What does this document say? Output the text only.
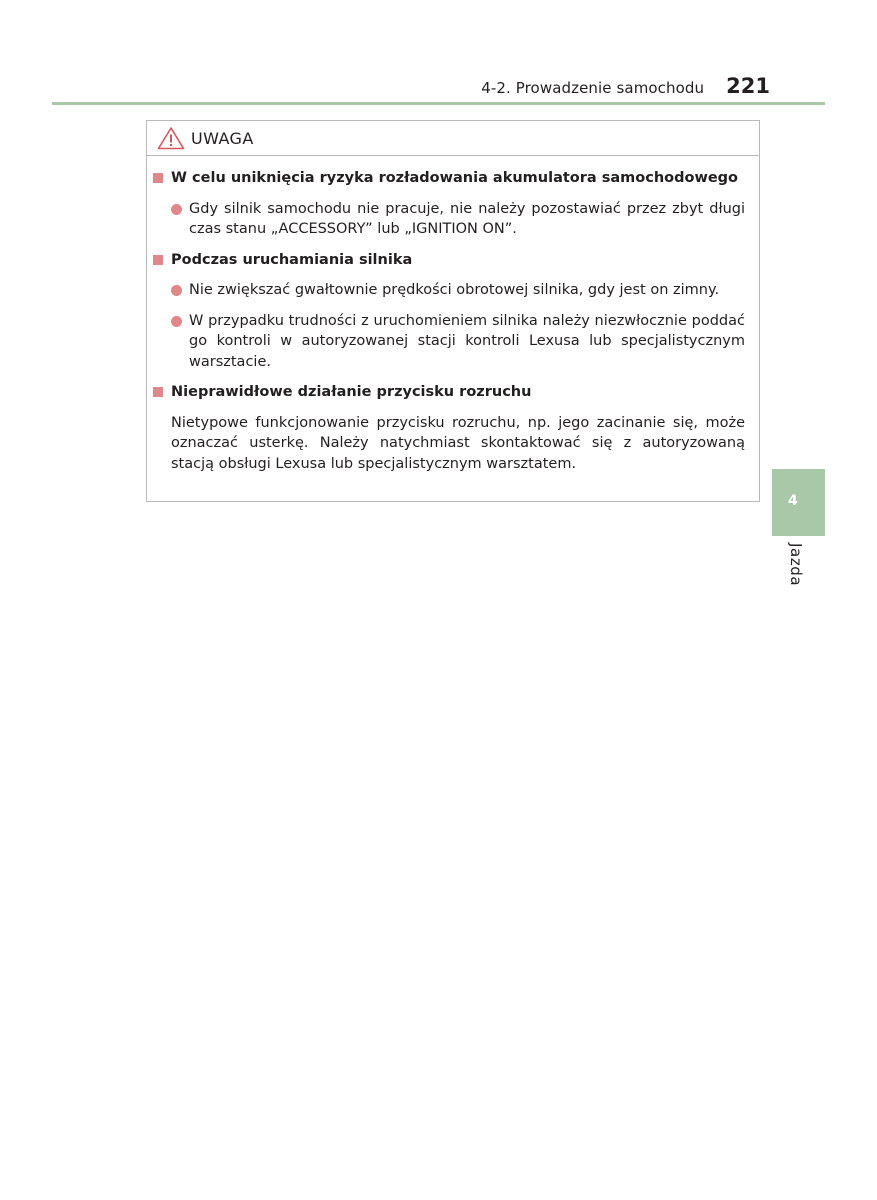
4-2. Prowadzenie samochodu 221
UWAGA
W celu uniknięcia ryzyka rozładowania akumulatora samochodowego
Gdy silnik samochodu nie pracuje, nie należy pozostawiać przez zbyt długi czas stanu „ACCESSORY” lub „IGNITION ON”.
Podczas uruchamiania silnika
Nie zwiększać gwałtownie prędkości obrotowej silnika, gdy jest on zimny.
W przypadku trudności z uruchomieniem silnika należy niezwłocznie poddać go kontroli w autoryzowanej stacji kontroli Lexusa lub specjalistycznym warsztacie.
Nieprawidłowe działanie przycisku rozruchu
Nietypowe funkcjonowanie przycisku rozruchu, np. jego zacinanie się, może oznaczać usterkę. Należy natychmiast skontaktować się z autoryzowaną stacją obsługi Lexusa lub specjalistycznym warsztatem.
4
Jazda
